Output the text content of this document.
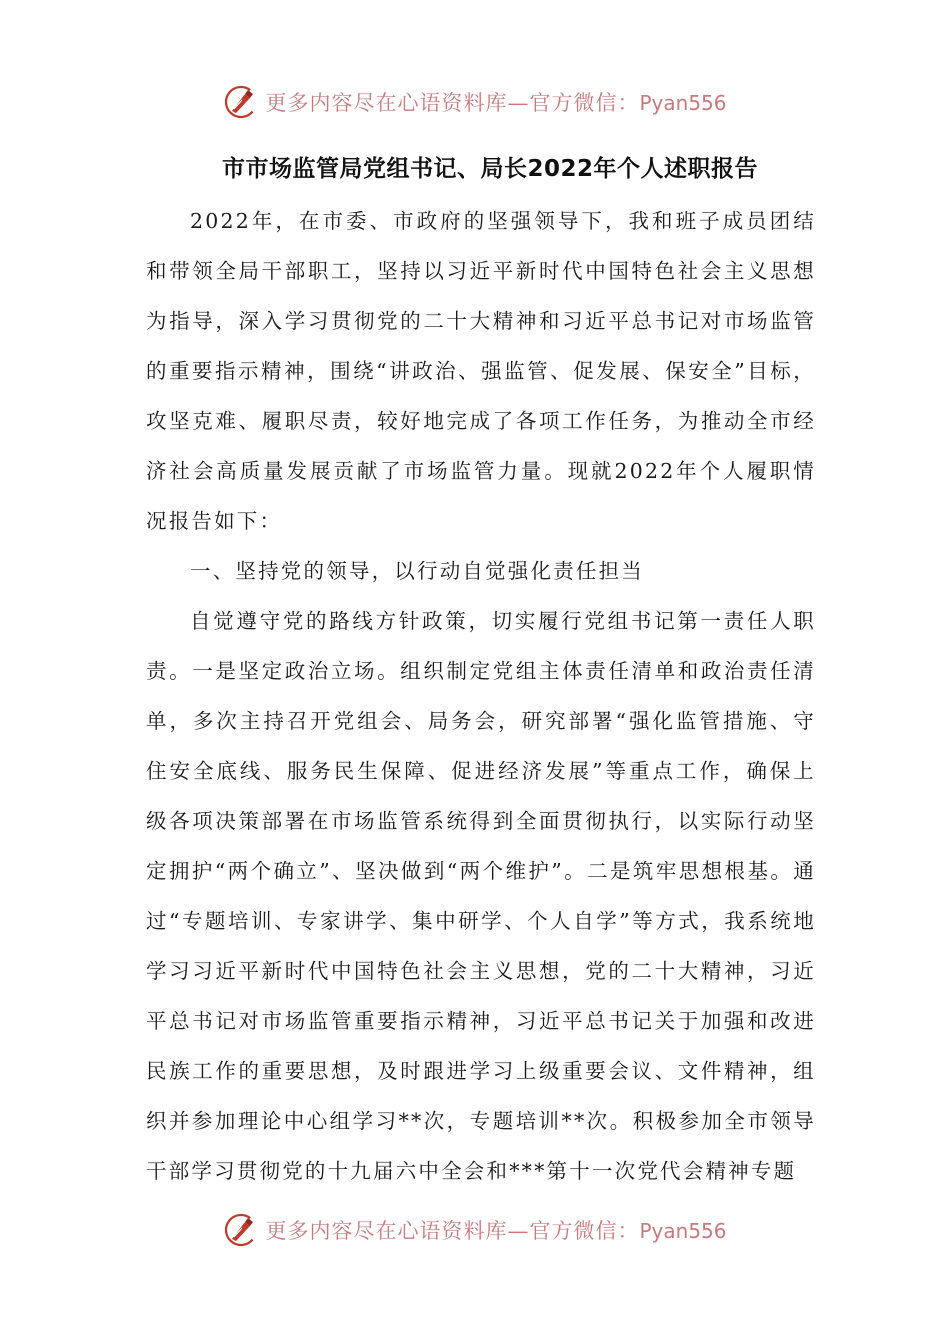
更多内容尽在心语资料库—官方微信：Pyan556
市市场监管局党组书记、局长2022年个人述职报告

2022年，在市委、市政府的坚强领导下，我和班子成员团结和带领全局干部职工，坚持以习近平新时代中国特色社会主义思想为指导，深入学习贯彻党的二十大精神和习近平总书记对市场监管的重要指示精神，围绕“讲政治、强监管、促发展、保安全”目标，攻坚克难、履职尽责，较好地完成了各项工作任务，为推动全市经济社会高质量发展贡献了市场监管力量。现就2022年个人履职情况报告如下：

一、坚持党的领导，以行动自觉强化责任担当

自觉遵守党的路线方针政策，切实履行党组书记第一责任人职责。一是坚定政治立场。组织制定党组主体责任清单和政治责任清单，多次主持召开党组会、局务会，研究部署“强化监管措施、守住安全底线、服务民生保障、促进经济发展”等重点工作，确保上级各项决策部署在市场监管系统得到全面贯彻执行，以实际行动坚定拥护“两个确立”、坚决做到“两个维护”。二是筑牢思想根基。通过“专题培训、专家讲学、集中研学、个人自学”等方式，我系统地学习习近平新时代中国特色社会主义思想，党的二十大精神，习近平总书记对市场监管重要指示精神，习近平总书记关于加强和改进民族工作的重要思想，及时跟进学习上级重要会议、文件精神，组织并参加理论中心组学习**次，专题培训**次。积极参加全市领导干部学习贯彻党的十九届六中全会和***第十一次党代会精神专题

更多内容尽在心语资料库—官方微信：Pyan556
